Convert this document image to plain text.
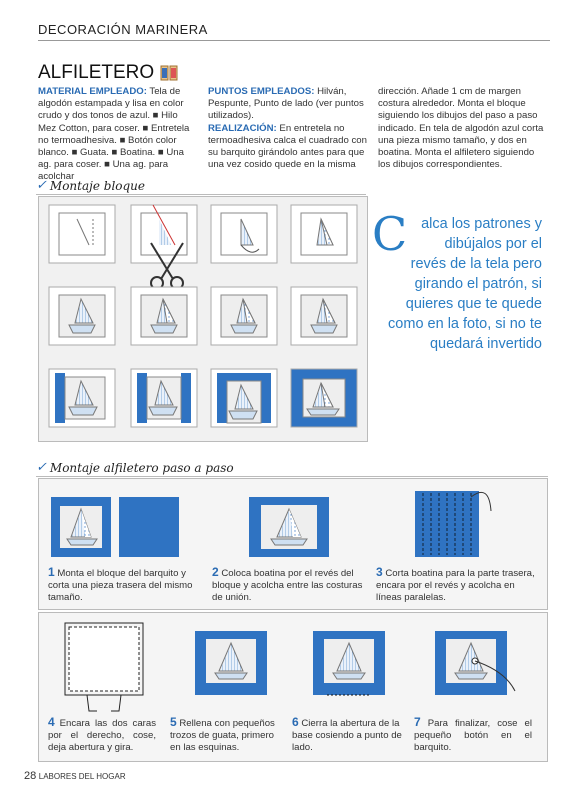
DECORACIÓN MARINERA
ALFILETERO
MATERIAL EMPLEADO: Tela de algodón estampada y lisa en color crudo y dos tonos de azul. ■ Hilo Mez Cotton, para coser. ■ Entretela no termoadhesiva. ■ Botón color blanco. ■ Guata. ■ Boatina. ■ Una ag. para coser. ■ Una ag. para acolchar
PUNTOS EMPLEADOS: Hilván, Pespunte, Punto de lado (ver puntos utilizados).
REALIZACIÓN: En entretela no termoadhesiva calca el cuadrado con su barquito girándolo antes para que una vez cosido quede en la misma
dirección. Añade 1 cm de margen costura alrededor. Monta el bloque siguiendo los dibujos del paso a paso indicado. En tela de algodón azul corta una pieza mismo tamaño, y dos en boatina. Monta el alfiletero siguiendo los dibujos correspondientes.
✓ Montaje bloque
Calca los patrones y dibújalos por el revés de la tela pero girando el patrón, si quieres que te quede como en la foto, si no te quedará invertido
✓ Montaje alfiletero paso a paso
1 Monta el bloque del barquito y corta una pieza trasera del mismo tamaño.
2 Coloca boatina por el revés del bloque y acolcha entre las costuras de unión.
3 Corta boatina para la parte trasera, encara por el revés y acolcha en líneas paralelas.
4 Encara las dos caras por el derecho, cose, deja abertura y gira.
5 Rellena con pequeños trozos de guata, primero en las esquinas.
6 Cierra la abertura de la base cosiendo a punto de lado.
7 Para finalizar, cose el pequeño botón en el barquito.
28 LABORES DEL HOGAR
